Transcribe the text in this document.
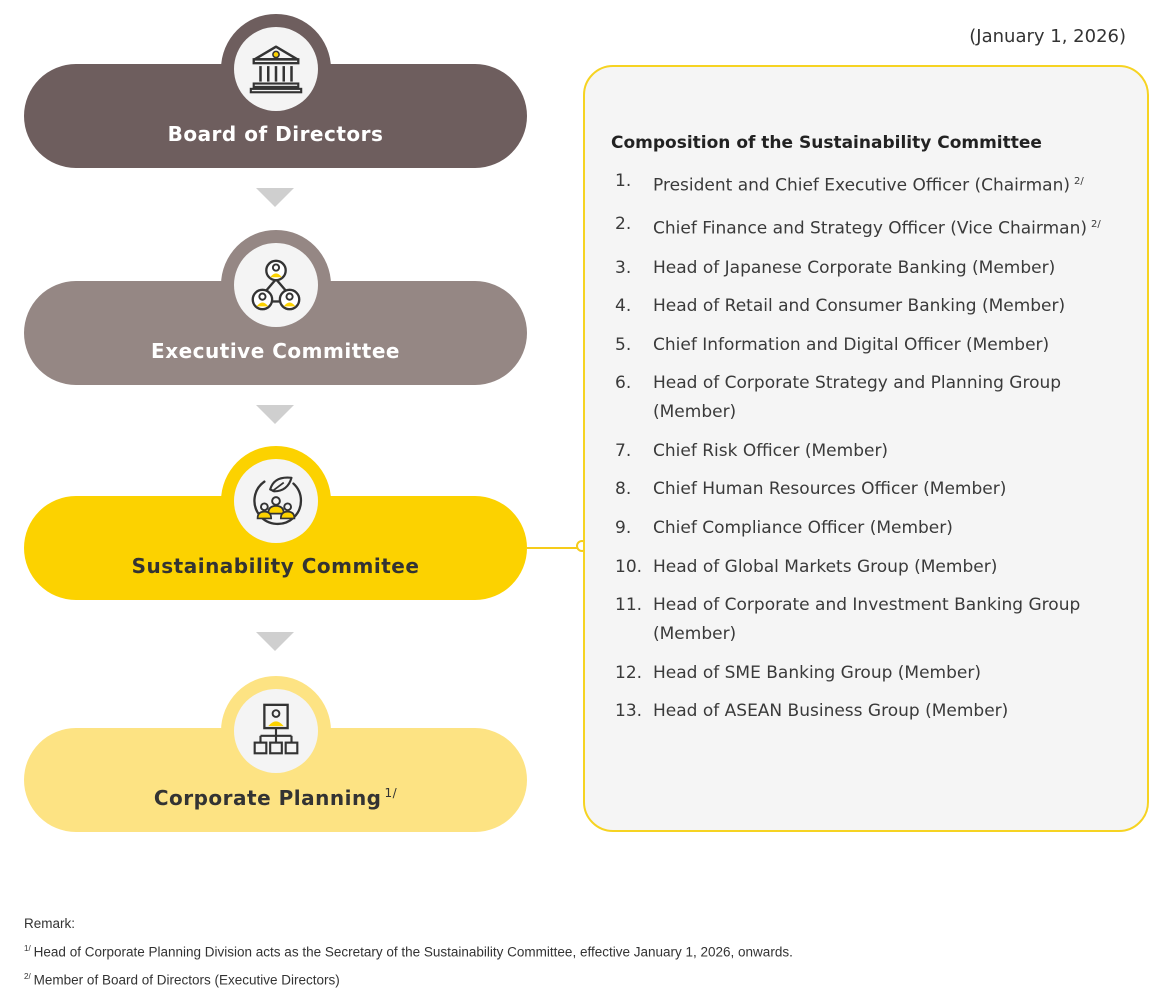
(January 1, 2026)
Board of Directors
Executive Committee
Sustainability Commitee
Corporate Planning $^{1/}$
Composition of the Sustainability Committee
1.	President and Chief Executive Officer (Chairman) $^{2/}$
2.	Chief Finance and Strategy Officer (Vice Chairman) $^{2/}$
3.	Head of Japanese Corporate Banking (Member)
4.	Head of Retail and Consumer Banking (Member)
5.	Chief Information and Digital Officer (Member)
6.	Head of Corporate Strategy and Planning Group (Member)
7.	Chief Risk Officer (Member)
8.	Chief Human Resources Officer (Member)
9.	Chief Compliance Officer (Member)
10. Head of Global Markets Group (Member)
11. Head of Corporate and Investment Banking Group (Member)
12. Head of SME Banking Group (Member)
13. Head of ASEAN Business Group (Member)
Remark:
$^{1/}$ Head of Corporate Planning Division acts as the Secretary of the Sustainability Committee, effective January 1, 2026, onwards.
$^{2/}$ Member of Board of Directors (Executive Directors)
